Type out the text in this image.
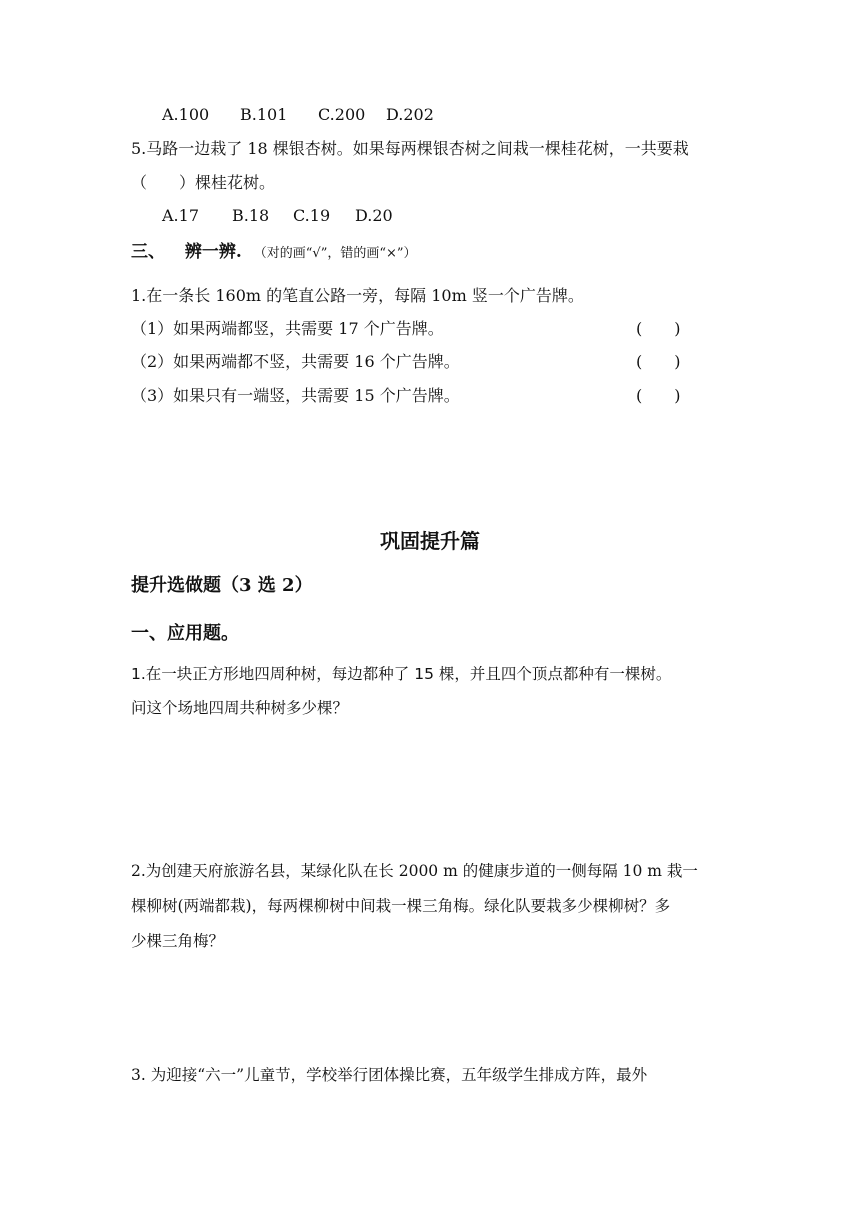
A.100 B.101 C.200 D.202
5.马路一边栽了 18 棵银杏树。如果每两棵银杏树之间栽一棵桂花树，一共要栽
（　　）棵桂花树。
A.17 B.18 C.19 D.20
三、 辨一辨. （对的画“√”，错的画“×”）
1.在一条长 160m 的笔直公路一旁，每隔 10m 竖一个广告牌。
（1）如果两端都竖，共需要 17 个广告牌。	(　　)
（2）如果两端都不竖，共需要 16 个广告牌。	(　　)
（3）如果只有一端竖，共需要 15 个广告牌。	(　　)
巩固提升篇
提升选做题（3 选 2）
一、应用题。
1.在一块正方形地四周种树，每边都种了 15 棵，并且四个顶点都种有一棵树。
问这个场地四周共种树多少棵？
2.为创建天府旅游名县，某绿化队在长 2000 m 的健康步道的一侧每隔 10 m 栽一
棵柳树(两端都栽)，每两棵柳树中间栽一棵三角梅。绿化队要栽多少棵柳树？多
少棵三角梅？
3. 为迎接“六一”儿童节，学校举行团体操比赛，五年级学生排成方阵，最外
